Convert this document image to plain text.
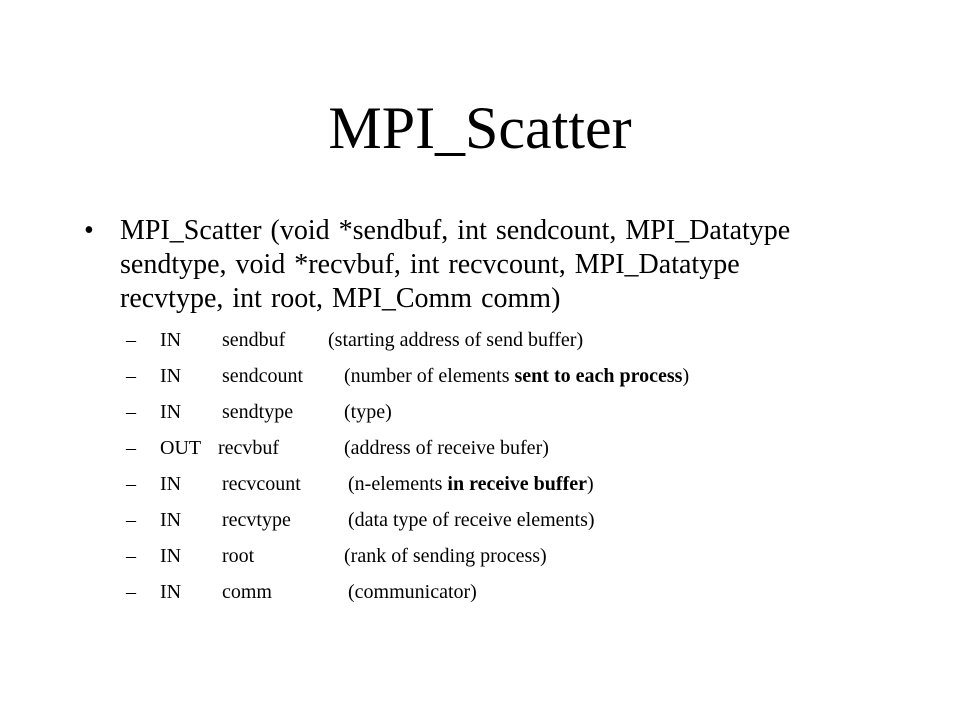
MPI_Scatter
• MPI_Scatter (void *sendbuf, int sendcount, MPI_Datatype
sendtype, void *recvbuf, int recvcount, MPI_Datatype
recvtype, int root, MPI_Comm comm)
–	IN sendbuf (starting address of send buffer)
–	IN sendcount (number of elements sent to each process)
–	IN sendtype	(type)
–	OUT recvbuf	(address of receive bufer)
–	IN recvcount (n-elements in receive buffer)
–	IN recvtype	(data type of receive elements)
–	IN root	(rank of sending process)
–	IN comm	(communicator)
